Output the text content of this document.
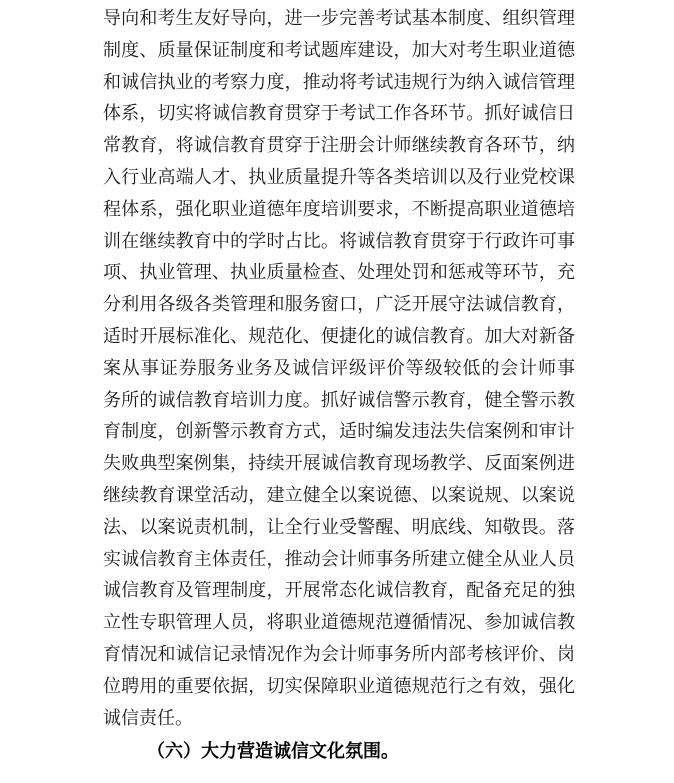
导向和考生友好导向，进一步完善考试基本制度、组织管理
制度、质量保证制度和考试题库建设，加大对考生职业道德
和诚信执业的考察力度，推动将考试违规行为纳入诚信管理
体系，切实将诚信教育贯穿于考试工作各环节。抓好诚信日
常教育，将诚信教育贯穿于注册会计师继续教育各环节，纳
入行业高端人才、执业质量提升等各类培训以及行业党校课
程体系，强化职业道德年度培训要求，不断提高职业道德培
训在继续教育中的学时占比。将诚信教育贯穿于行政许可事
项、执业管理、执业质量检查、处理处罚和惩戒等环节，充
分利用各级各类管理和服务窗口，广泛开展守法诚信教育，
适时开展标准化、规范化、便捷化的诚信教育。加大对新备
案从事证券服务业务及诚信评级评价等级较低的会计师事
务所的诚信教育培训力度。抓好诚信警示教育，健全警示教
育制度，创新警示教育方式，适时编发违法失信案例和审计
失败典型案例集，持续开展诚信教育现场教学、反面案例进
继续教育课堂活动，建立健全以案说德、以案说规、以案说
法、以案说责机制，让全行业受警醒、明底线、知敬畏。落
实诚信教育主体责任，推动会计师事务所建立健全从业人员
诚信教育及管理制度，开展常态化诚信教育，配备充足的独
立性专职管理人员，将职业道德规范遵循情况、参加诚信教
育情况和诚信记录情况作为会计师事务所内部考核评价、岗
位聘用的重要依据，切实保障职业道德规范行之有效，强化
诚信责任。
（六）大力营造诚信文化氛围。
